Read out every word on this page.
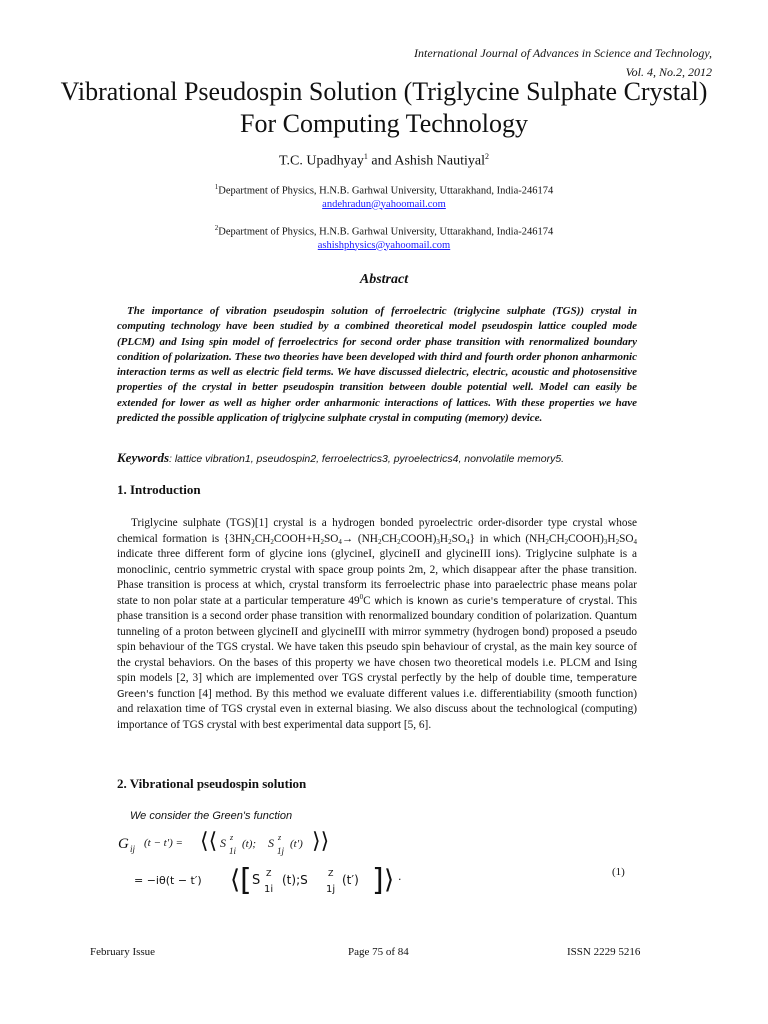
International Journal of Advances in Science and Technology,
Vol. 4, No.2, 2012
Vibrational Pseudospin Solution (Triglycine Sulphate Crystal) For Computing Technology
T.C. Upadhyay$^1$ and Ashish Nautiyal$^2$
$^1$Department of Physics, H.N.B. Garhwal University, Uttarakhand, India-246174
andehradun@yahoomail.com
$^2$Department of Physics, H.N.B. Garhwal University, Uttarakhand, India-246174
ashishphysics@yahoomail.com
Abstract

The importance of vibration pseudospin solution of ferroelectric (triglycine sulphate (TGS)) crystal in computing technology have been studied by a combined theoretical model pseudospin lattice coupled mode (PLCM) and Ising spin model of ferroelectrics for second order phase transition with renormalized boundary condition of polarization. These two theories have been developed with third and fourth order phonon anharmonic interaction terms as well as electric field terms. We have discussed dielectric, electric, acoustic and photosensitive properties of the crystal in better pseudospin transition between double potential well. Model can easily be extended for lower as well as higher order anharmonic interactions of lattices. With these properties we have predicted the possible application of triglycine sulphate crystal in computing (memory) device.

Keywords: lattice vibration1, pseudospin2, ferroelectrics3, pyroelectrics4, nonvolatile memory5.
1. Introduction

Triglycine sulphate (TGS)[1] crystal is a hydrogen bonded pyroelectric order-disorder type crystal whose chemical formation is {$3HN_2CH_2COOH+H_2SO_4\to$ $(NH_2CH_2COOH)_3H_2SO_4$} in which $(NH_2CH_2COOH)_3H_2SO_4$ indicate three different form of glycine ions (glycineI, glycineII and glycineIII ions). Triglycine sulphate is a monoclinic, centrio symmetric crystal with space group points 2m, 2, which disappear after the phase transition. Phase transition is process at which, crystal transform its ferroelectric phase into paraelectric phase means polar state to non polar state at a particular temperature $49^0C$ which is known as curie's temperature of crystal. This phase transition is a second order phase transition with renormalized boundary condition of polarization. Quantum tunneling of a proton between glycineII and glycineIII with mirror symmetry (hydrogen bond) proposed a pseudo spin behaviour of the TGS crystal. We have taken this pseudo spin behaviour of crystal, as the main key source of the crystal behaviors. On the bases of this property we have chosen two theoretical models i.e. PLCM and Ising spin models [2, 3] which are implemented over TGS crystal perfectly by the help of double time, temperature Green's function [4] method. By this method we evaluate different values i.e. differentiability (smooth function) and relaxation time of TGS crystal even in external biasing. We also discuss about the technological (computing) importance of TGS crystal with best experimental data support [5, 6].

2. Vibrational pseudospin solution
We consider the Green's function
G ij (t − t′) = ⟨⟨ S z
1i
(t); S z
1j
(t′) ⟩⟩
= −iθ(t − t′) ⟨ [ S Z
1i
(t);S	Z
1j
(t′) ] ⟩ .	(1)
February Issue	Page 75 of 84	ISSN 2229 5216
